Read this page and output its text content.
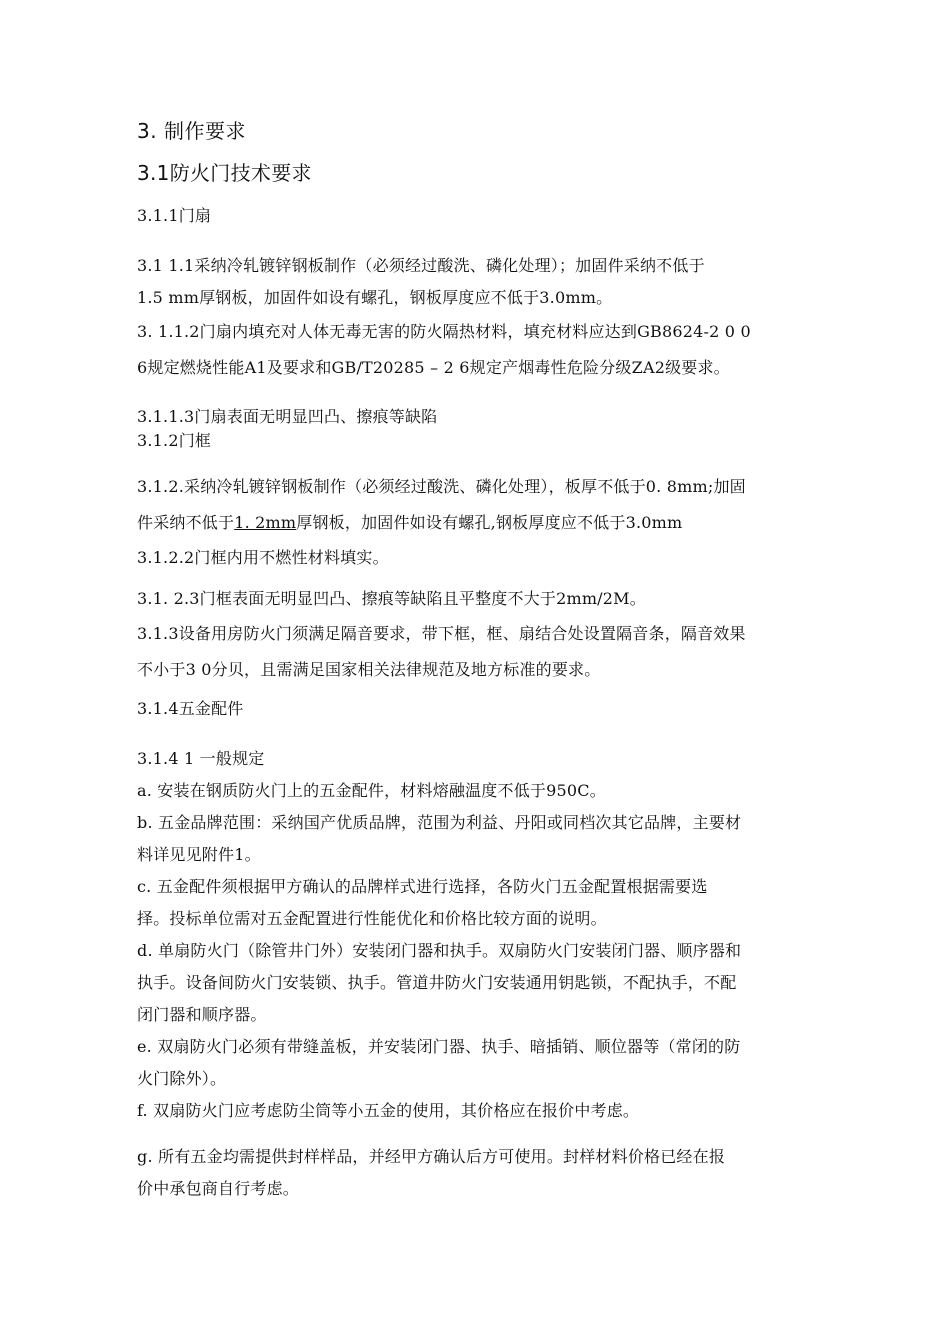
3. 制作要求
3.1防火门技术要求
3.1.1门扇
3.1 1.1采纳冷轧镀锌钢板制作（必须经过酸洗、磷化处理）；加固件采纳不低于
1.5 mm厚钢板，加固件如设有螺孔，钢板厚度应不低于3.0mm。
3. 1.1.2门扇内填充对人体无毒无害的防火隔热材料，填充材料应达到GB8624-2 0 0
6规定燃烧性能A1及要求和GB/T20285 – 2 6规定产烟毒性危险分级ZA2级要求。
3.1.1.3门扇表面无明显凹凸、擦痕等缺陷
3.1.2门框
3.1.2.采纳冷轧镀锌钢板制作（必须经过酸洗、磷化处理），板厚不低于0. 8mm;加固
件采纳不低于1. 2mm厚钢板，加固件如设有螺孔,钢板厚度应不低于3.0mm
3.1.2.2门框内用不燃性材料填实。
3.1. 2.3门框表面无明显凹凸、擦痕等缺陷且平整度不大于2mm/2M。
3.1.3设备用房防火门须满足隔音要求，带下框，框、扇结合处设置隔音条，隔音效果
不小于3 0分贝，且需满足国家相关法律规范及地方标准的要求。
3.1.4五金配件
3.1.4 1 一般规定
a. 安装在钢质防火门上的五金配件，材料熔融温度不低于950C。
b. 五金品牌范围：采纳国产优质品牌，范围为利益、丹阳或同档次其它品牌，主要材
料详见见附件1。
c. 五金配件须根据甲方确认的品牌样式进行选择，各防火门五金配置根据需要选
择。投标单位需对五金配置进行性能优化和价格比较方面的说明。
d. 单扇防火门（除管井门外）安装闭门器和执手。双扇防火门安装闭门器、顺序器和
执手。设备间防火门安装锁、执手。管道井防火门安装通用钥匙锁，不配执手，不配
闭门器和顺序器。
e. 双扇防火门必须有带缝盖板，并安装闭门器、执手、暗插销、顺位器等（常闭的防
火门除外）。
f. 双扇防火门应考虑防尘筒等小五金的使用，其价格应在报价中考虑。
g. 所有五金均需提供封样样品，并经甲方确认后方可使用。封样材料价格已经在报
价中承包商自行考虑。
